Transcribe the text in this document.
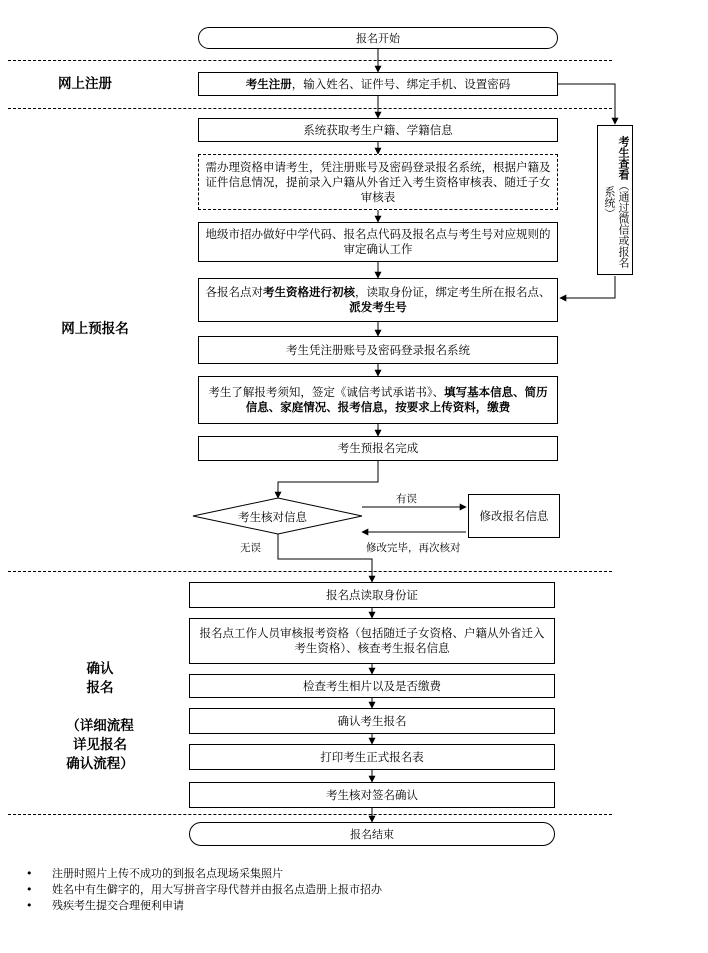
报名开始
网上注册
网上预报名
确认
报名
（详细流程
详见报名
确认流程）
考生注册，输入姓名、证件号、绑定手机、设置密码
系统获取考生户籍、学籍信息
需办理资格申请考生，凭注册账号及密码登录报名系统，根据户籍及证件信息情况，提前录入户籍从外省迁入考生资格审核表、随迁子女审核表
地级市招办做好中学代码、报名点代码及报名点与考生号对应规则的审定确认工作
各报名点对考生资格进行初核，读取身份证，绑定考生所在报名点、派发考生号
考生凭注册账号及密码登录报名系统
考生了解报考须知，签定《诚信考试承诺书》、填写基本信息、简历信息、家庭情况、报考信息，按要求上传资料，缴费
考生预报名完成
考生核对信息	修改报名信息
有误
修改完毕，再次核对
无误
考生查看（通过微信或报名系统）
报名点读取身份证
报名点工作人员审核报考资格（包括随迁子女资格、户籍从外省迁入考生资格）、核查考生报名信息
检查考生相片以及是否缴费
确认考生报名
打印考生正式报名表
考生核对签名确认
报名结束
• 注册时照片上传不成功的到报名点现场采集照片
• 姓名中有生僻字的，用大写拼音字母代替并由报名点造册上报市招办
• 残疾考生提交合理便利申请
